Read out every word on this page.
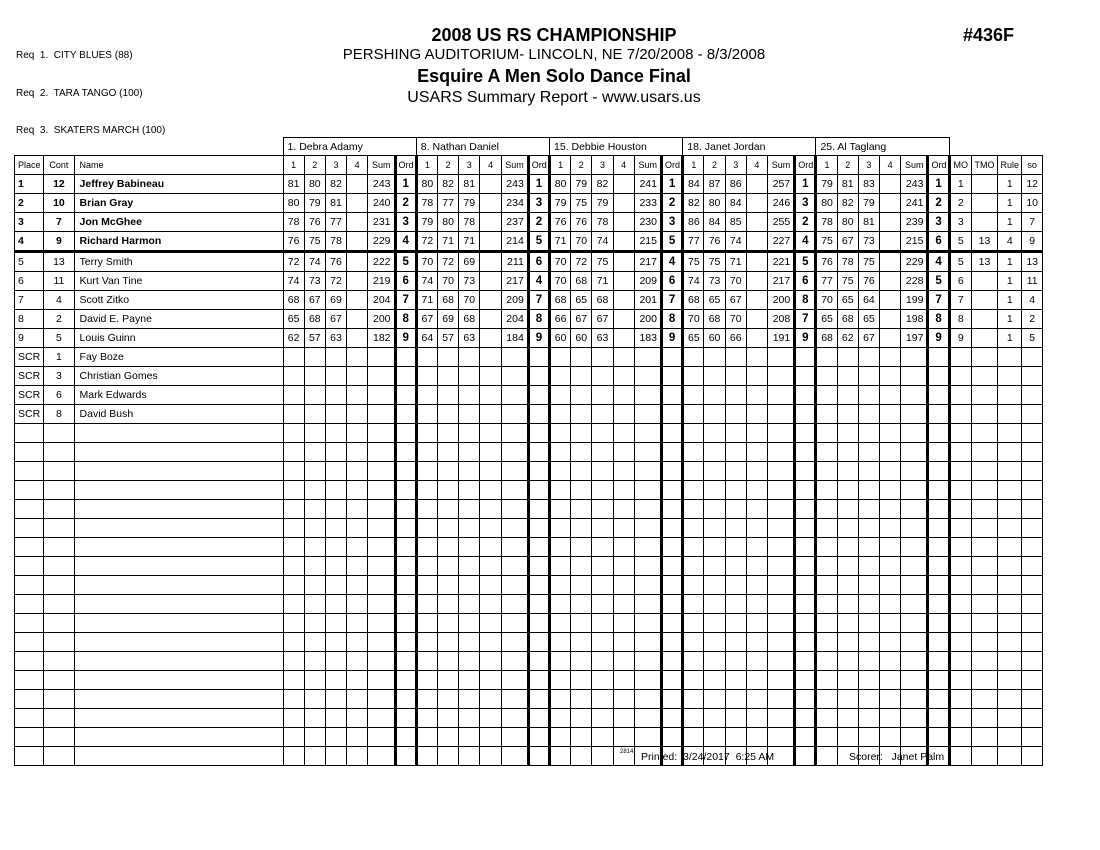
Req  1.  CITY BLUES (88)

Req  2.  TARA TANGO (100)

Req  3.  SKATERS MARCH (100)

2008 US RS CHAMPIONSHIP
PERSHING AUDITORIUM- LINCOLN, NE 7/20/2008 - 8/3/2008
Esquire A Men Solo Dance Final
USARS Summary Report - www.usars.us
#436F
			1. Debra Adamy						8. Nathan Daniel						15. Debbie Houston						18. Janet Jordan						25. Al Taglang									
Place	Cont	Name	1	2	3	4	Sum	Ord	1	2	3	4	Sum	Ord	1	2	3	4	Sum	Ord	1	2	3	4	Sum	Ord	1	2	3	4	Sum	Ord	MO	TMO	Rule	so
1	12	Jeffrey Babineau	81	80	82		243	1	80	82	81		243	1	80	79	82		241	1	84	87	86		257	1	79	81	83		243	1	1		1	12
2	10	Brian Gray	80	79	81		240	2	78	77	79		234	3	79	75	79		233	2	82	80	84		246	3	80	82	79		241	2	2		1	10
3	7	Jon McGhee	78	76	77		231	3	79	80	78		237	2	76	76	78		230	3	86	84	85		255	2	78	80	81		239	3	3		1	7
4	9	Richard Harmon	76	75	78		229	4	72	71	71		214	5	71	70	74		215	5	77	76	74		227	4	75	67	73		215	6	5	13	4	9
5	13	Terry Smith	72	74	76		222	5	70	72	69		211	6	70	72	75		217	4	75	75	71		221	5	76	78	75		229	4	5	13	1	13
6	11	Kurt Van Tine	74	73	72		219	6	74	70	73		217	4	70	68	71		209	6	74	73	70		217	6	77	75	76		228	5	6		1	11
7	4	Scott Zitko	68	67	69		204	7	71	68	70		209	7	68	65	68		201	7	68	65	67		200	8	70	65	64		199	7	7		1	4
8	2	David E. Payne	65	68	67		200	8	67	69	68		204	8	66	67	67		200	8	70	68	70		208	7	65	68	65		198	8	8		1	2
9	5	Louis Guinn	62	57	63		182	9	64	57	63		184	9	60	60	63		183	9	65	60	66		191	9	68	62	67		197	9	9		1	5
SCR	1	Fay Boze																																		
SCR	3	Christian Gomes																																		
SCR	6	Mark Edwards																																		
SCR	8	David Bush																																		

2814 Printed:  3/24/2017  6:25 AM	Scorer:   Janet Palm
